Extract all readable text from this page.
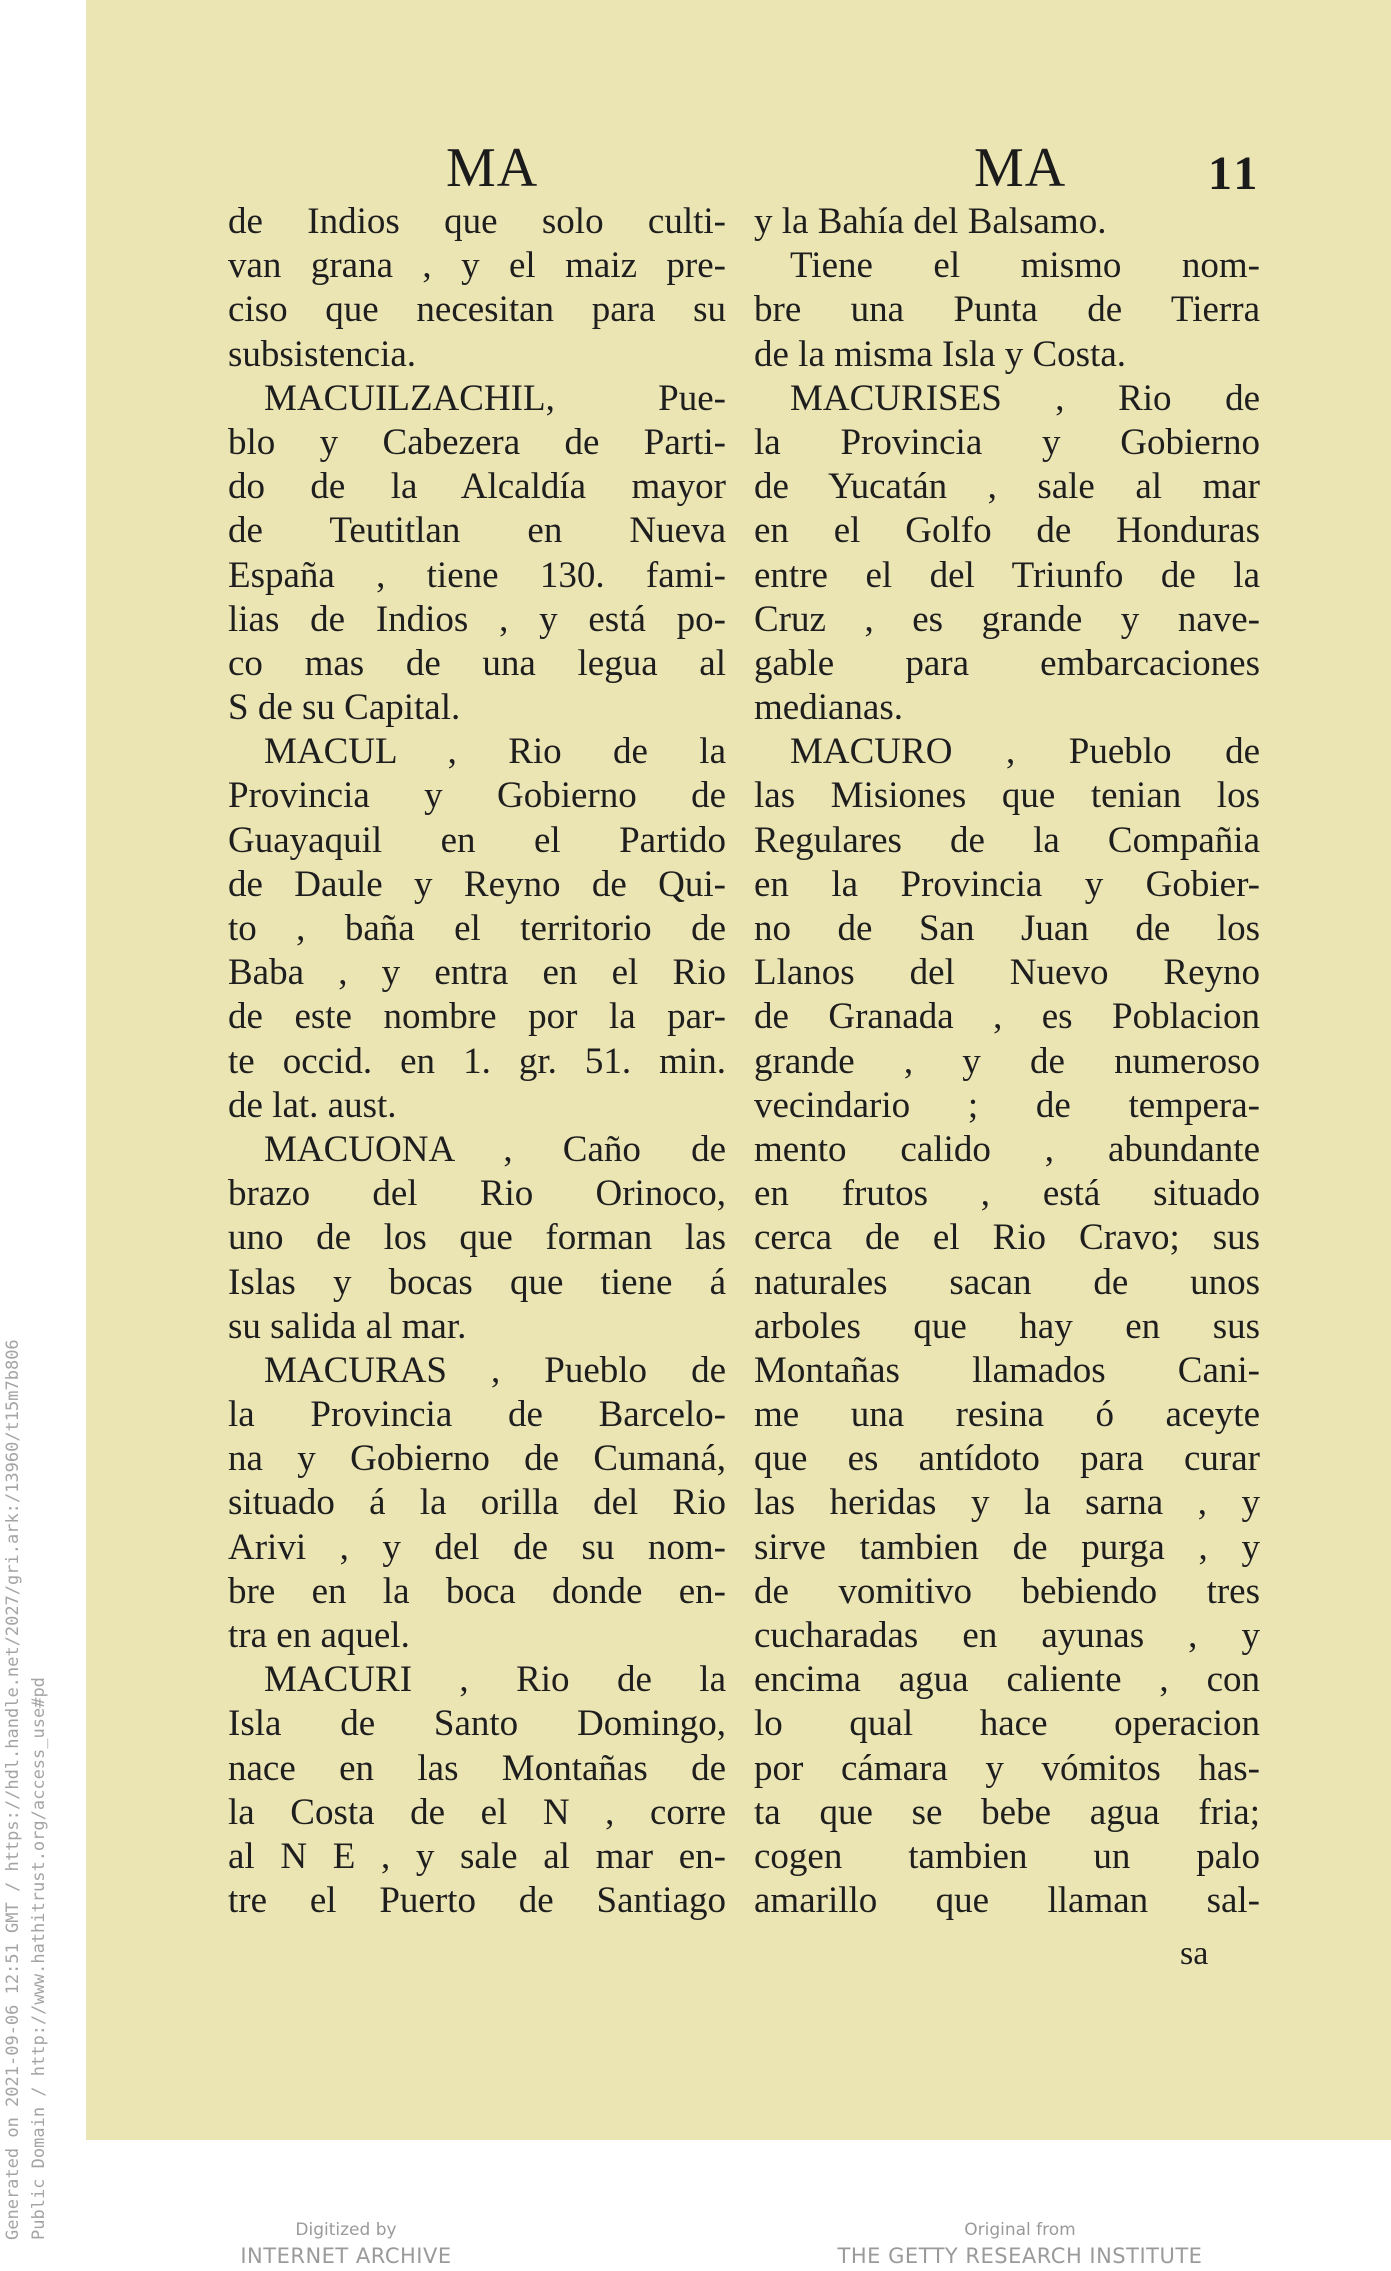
Generated on 2021-09-06 12:51 GMT / https://hdl.handle.net/2027/gri.ark:/13960/t15m7b806 Public Domain / http://www.hathitrust.org/access_use#pd
MA	MA	11
de Indios que solo culti-
van grana , y el maiz pre-
ciso que necesitan para su
subsistencia.
MACUILZACHIL, Pue-
blo y Cabezera de Parti-
do de la Alcaldía mayor
de Teutitlan en Nueva
España , tiene 130. fami-
lias de Indios , y está po-
co mas de una legua al
S de su Capital.
MACUL , Rio de la
Provincia y Gobierno de
Guayaquil en el Partido
de Daule y Reyno de Qui-
to , baña el territorio de
Baba , y entra en el Rio
de este nombre por la par-
te occid. en 1. gr. 51. min.
de lat. aust.
MACUONA , Caño de
brazo del Rio Orinoco,
uno de los que forman las
Islas y bocas que tiene á
su salida al mar.
MACURAS , Pueblo de
la Provincia de Barcelo-
na y Gobierno de Cumaná,
situado á la orilla del Rio
Arivi , y del de su nom-
bre en la boca donde en-
tra en aquel.
MACURI , Rio de la
Isla de Santo Domingo,
nace en las Montañas de
la Costa de el N , corre
al N E , y sale al mar en-
tre el Puerto de Santiago
y la Bahía del Balsamo.
Tiene el mismo nom-
bre una Punta de Tierra
de la misma Isla y Costa.
MACURISES , Rio de
la Provincia y Gobierno
de Yucatán , sale al mar
en el Golfo de Honduras
entre el del Triunfo de la
Cruz , es grande y nave-
gable para embarcaciones
medianas.
MACURO , Pueblo de
las Misiones que tenian los
Regulares de la Compañia
en la Provincia y Gobier-
no de San Juan de los
Llanos del Nuevo Reyno
de Granada , es Poblacion
grande , y de numeroso
vecindario ; de tempera-
mento calido , abundante
en frutos , está situado
cerca de el Rio Cravo; sus
naturales sacan de unos
arboles que hay en sus
Montañas llamados Cani-
me una resina ó aceyte
que es antídoto para curar
las heridas y la sarna , y
sirve tambien de purga , y
de vomitivo bebiendo tres
cucharadas en ayunas , y
encima agua caliente , con
lo qual hace operacion
por cámara y vómitos has-
ta que se bebe agua fria;
cogen tambien un palo
amarillo que llaman sal-
sa
Digitized by
INTERNET ARCHIVE
Original from
THE GETTY RESEARCH INSTITUTE
